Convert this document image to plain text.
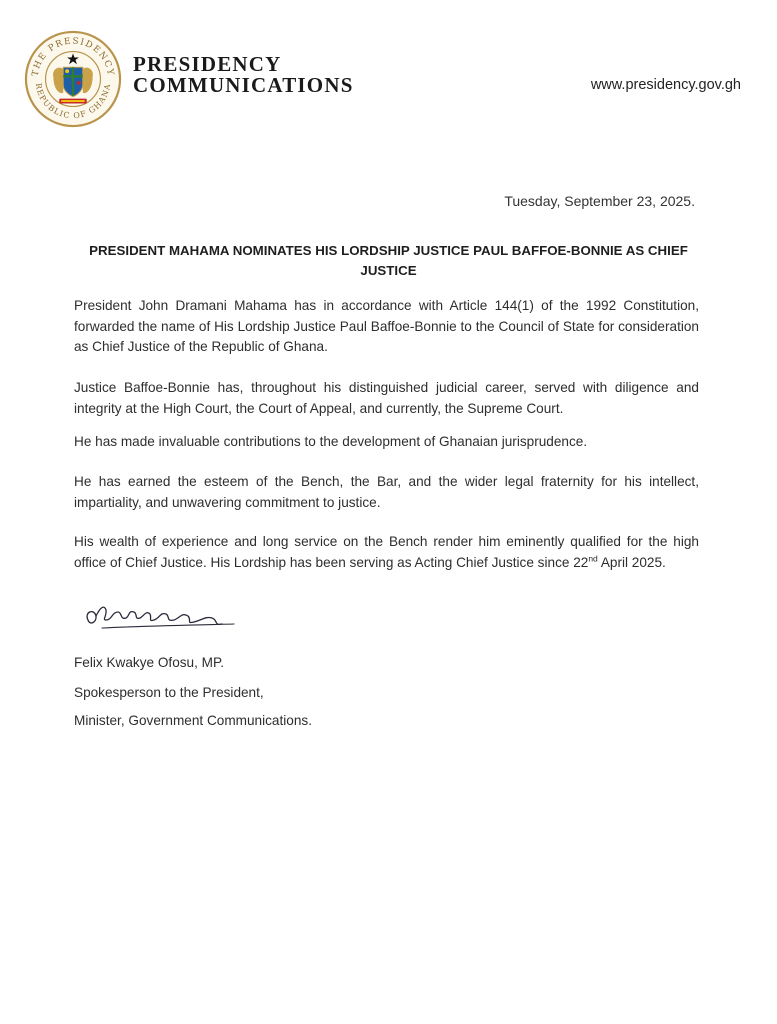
THE PRESIDENCY
REPUBLIC OF GHANA
PRESIDENCY
COMMUNICATIONS	www.presidency.gov.gh
Tuesday, September 23, 2025.
PRESIDENT MAHAMA NOMINATES HIS LORDSHIP JUSTICE PAUL BAFFOE-BONNIE AS CHIEF JUSTICE

President John Dramani Mahama has in accordance with Article 144(1) of the 1992 Constitution, forwarded the name of His Lordship Justice Paul Baffoe-Bonnie to the Council of State for consideration as Chief Justice of the Republic of Ghana.

Justice Baffoe-Bonnie has, throughout his distinguished judicial career, served with diligence and integrity at the High Court, the Court of Appeal, and currently, the Supreme Court.

He has made invaluable contributions to the development of Ghanaian jurisprudence.

He has earned the esteem of the Bench, the Bar, and the wider legal fraternity for his intellect, impartiality, and unwavering commitment to justice.

His wealth of experience and long service on the Bench render him eminently qualified for the high office of Chief Justice. His Lordship has been serving as Acting Chief Justice since 22nd April 2025.

Felix Kwakye Ofosu, MP.
Spokesperson to the President,
Minister, Government Communications.
